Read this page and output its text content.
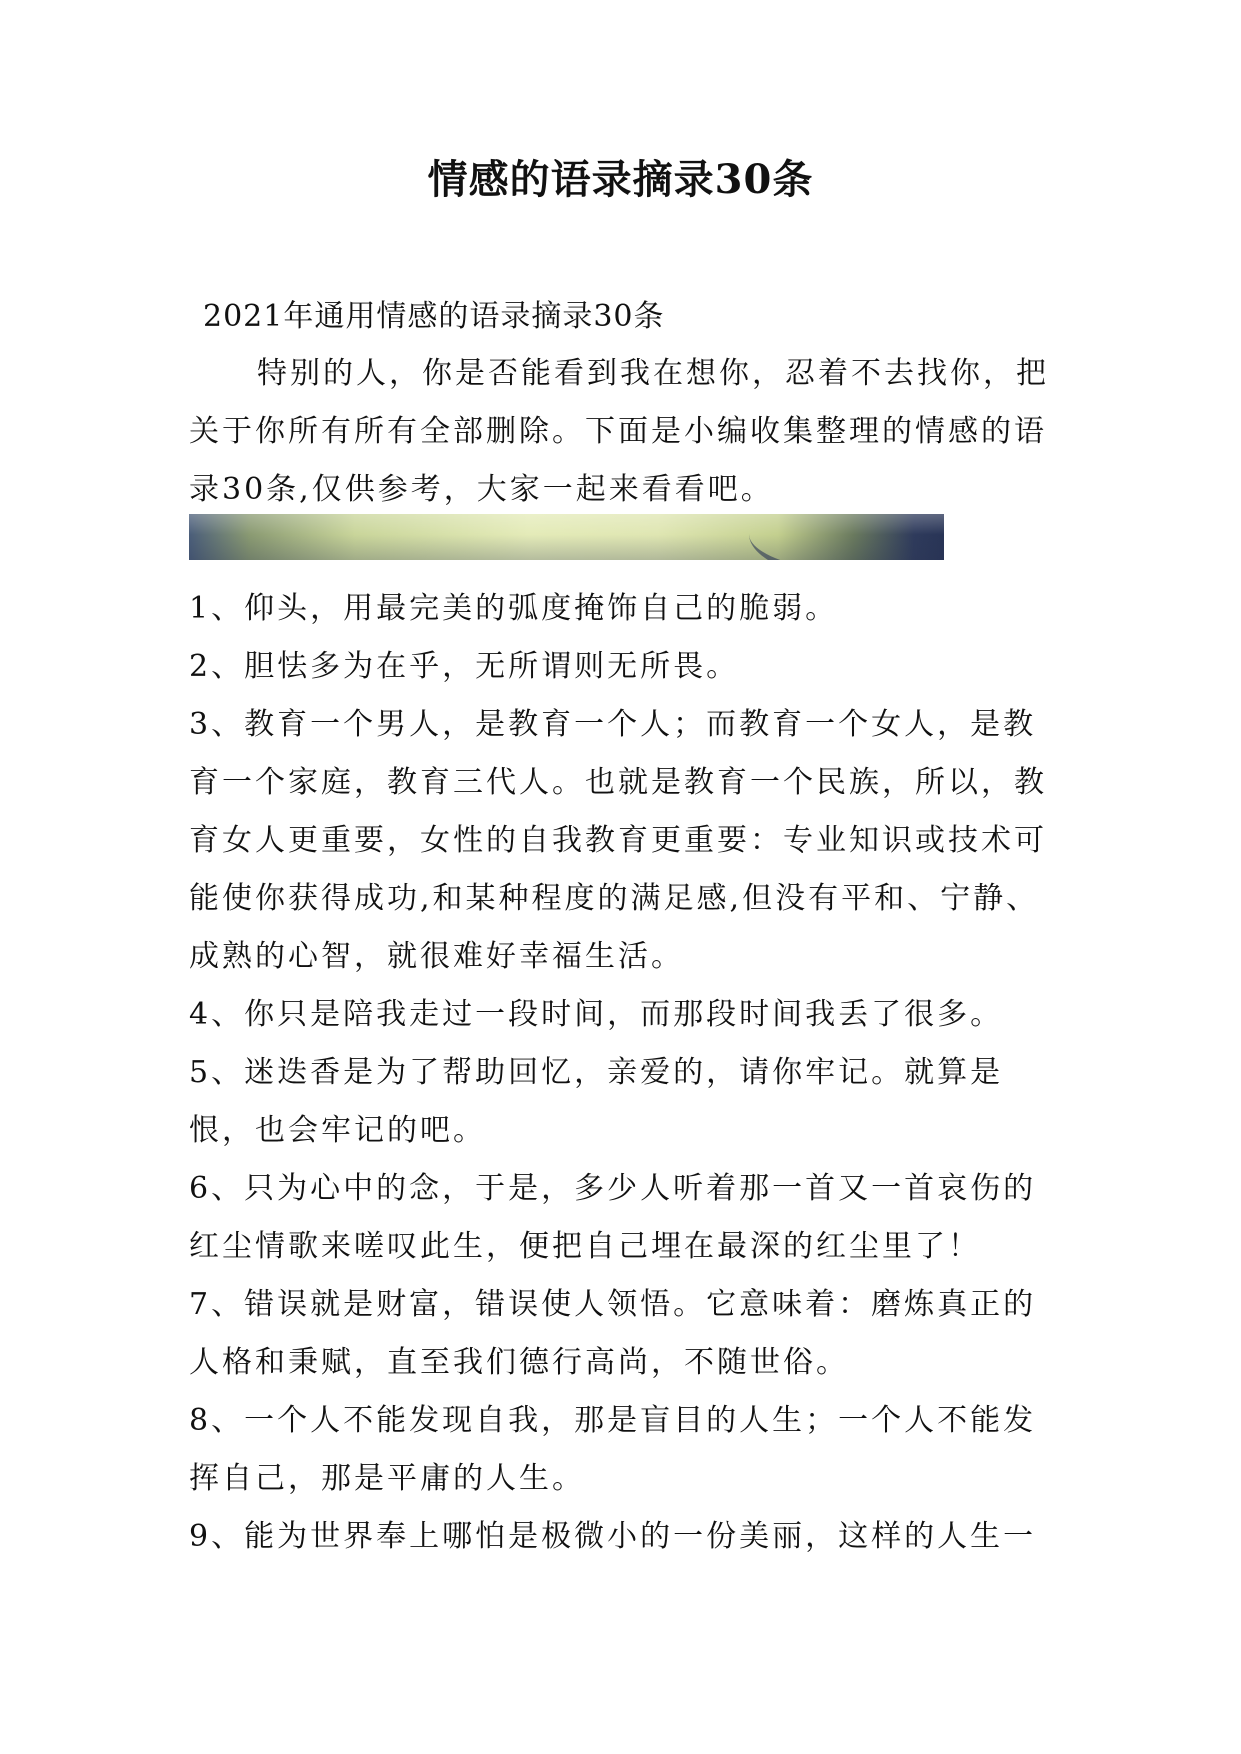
情感的语录摘录30条
2021年通用情感的语录摘录30条
特别的人，你是否能看到我在想你，忍着不去找你，把关于你所有所有全部删除。下面是小编收集整理的情感的语录30条,仅供参考，大家一起来看看吧。

1、仰头，用最完美的弧度掩饰自己的脆弱。

2、胆怯多为在乎，无所谓则无所畏。

3、教育一个男人，是教育一个人；而教育一个女人，是教育一个家庭，教育三代人。也就是教育一个民族，所以，教育女人更重要，女性的自我教育更重要：专业知识或技术可能使你获得成功,和某种程度的满足感,但没有平和、宁静、成熟的心智，就很难好幸福生活。

4、你只是陪我走过一段时间，而那段时间我丢了很多。

5、迷迭香是为了帮助回忆，亲爱的，请你牢记。就算是恨，也会牢记的吧。

6、只为心中的念，于是，多少人听着那一首又一首哀伤的红尘情歌来嗟叹此生，便把自己埋在最深的红尘里了！

7、错误就是财富，错误使人领悟。它意味着：磨炼真正的人格和秉赋，直至我们德行高尚，不随世俗。

8、一个人不能发现自我，那是盲目的人生；一个人不能发挥自己，那是平庸的人生。

9、能为世界奉上哪怕是极微小的一份美丽，这样的人生一
